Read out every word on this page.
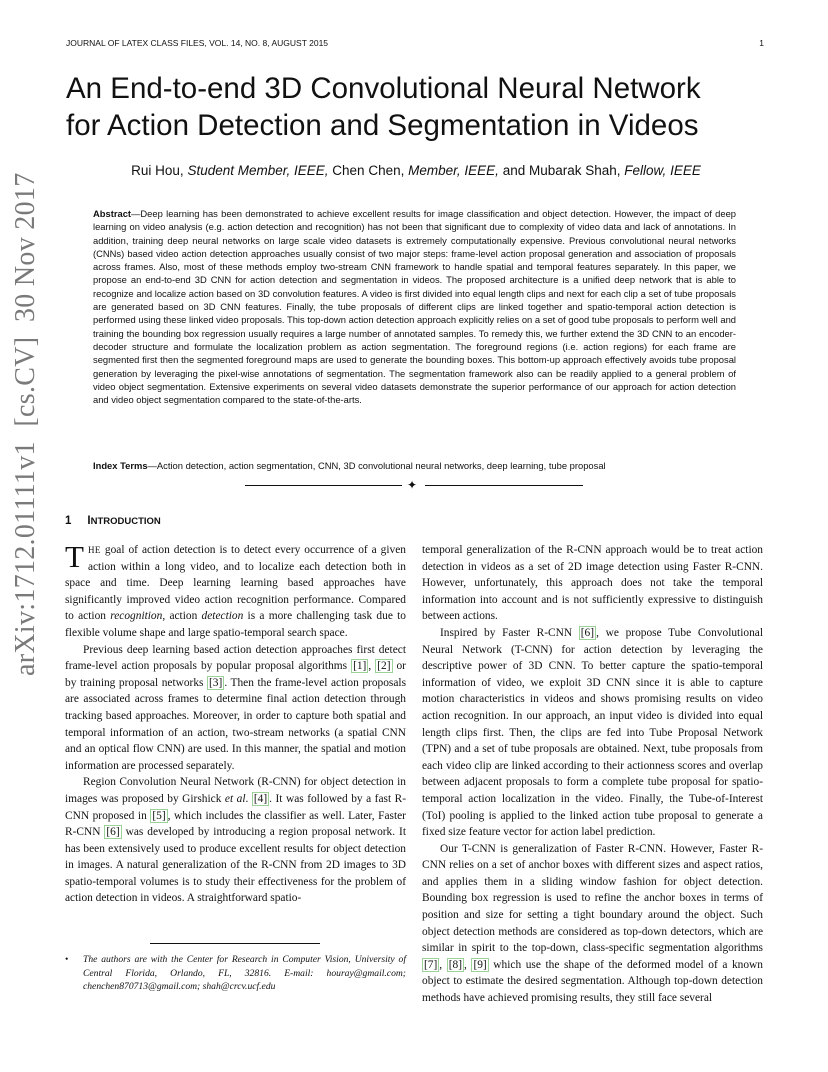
JOURNAL OF LATEX CLASS FILES, VOL. 14, NO. 8, AUGUST 2015	1
An End-to-end 3D Convolutional Neural Network
for Action Detection and Segmentation in Videos
Rui Hou, Student Member, IEEE, Chen Chen, Member, IEEE, and Mubarak Shah, Fellow, IEEE
arXiv:1712.01111v1  [cs.CV]  30 Nov 2017	Abstract—Deep learning has been demonstrated to achieve excellent results for image classification and object detection. However, the impact of deep learning on video analysis (e.g. action detection and recognition) has not been that significant due to complexity of video data and lack of annotations. In addition, training deep neural networks on large scale video datasets is extremely computationally expensive. Previous convolutional neural networks (CNNs) based video action detection approaches usually consist of two major steps: frame-level action proposal generation and association of proposals across frames. Also, most of these methods employ two-stream CNN framework to handle spatial and temporal features separately. In this paper, we propose an end-to-end 3D CNN for action detection and segmentation in videos. The proposed architecture is a unified deep network that is able to recognize and localize action based on 3D convolution features. A video is first divided into equal length clips and next for each clip a set of tube proposals are generated based on 3D CNN features. Finally, the tube proposals of different clips are linked together and spatio-temporal action detection is performed using these linked video proposals. This top-down action detection approach explicitly relies on a set of good tube proposals to perform well and training the bounding box regression usually requires a large number of annotated samples. To remedy this, we further extend the 3D CNN to an encoder-decoder structure and formulate the localization problem as action segmentation. The foreground regions (i.e. action regions) for each frame are segmented first then the segmented foreground maps are used to generate the bounding boxes. This bottom-up approach effectively avoids tube proposal generation by leveraging the pixel-wise annotations of segmentation. The segmentation framework also can be readily applied to a general problem of video object segmentation. Extensive experiments on several video datasets demonstrate the superior performance of our approach for action detection and video object segmentation compared to the state-of-the-arts.
Index Terms—Action detection, action segmentation, CNN, 3D convolutional neural networks, deep learning, tube proposal
✦
1 INTRODUCTION

THE goal of action detection is to detect every occurrence of a given action within a long video, and to localize each detection both in space and time. Deep learning learning based approaches have significantly improved video action recognition performance. Compared to action recognition, action detection is a more challenging task due to flexible volume shape and large spatio-temporal search space.

Previous deep learning based action detection approaches first detect frame-level action proposals by popular proposal algorithms [1] , [2] or by training proposal networks [3] . Then the frame-level action proposals are associated across frames to determine final action detection through tracking based approaches. Moreover, in order to capture both spatial and temporal information of an action, two-stream networks (a spatial CNN and an optical flow CNN) are used. In this manner, the spatial and motion information are processed separately.

Region Convolution Neural Network (R-CNN) for object detection in images was proposed by Girshick et al. [4] . It was followed by a fast R-CNN proposed in [5] , which includes the classifier as well. Later, Faster R-CNN [6] was developed by introducing a region proposal network. It has been extensively used to produce excellent results for object detection in images. A natural generalization of the R-CNN from 2D images to 3D spatio-temporal volumes is to study their effectiveness for the problem of action detection in videos. A straightforward spatio-

• The authors are with the Center for Research in Computer Vision, University of Central Florida, Orlando, FL, 32816. E-mail: houray@gmail.com; chenchen870713@gmail.com; shah@crcv.ucf.edu

temporal generalization of the R-CNN approach would be to treat action detection in videos as a set of 2D image detection using Faster R-CNN. However, unfortunately, this approach does not take the temporal information into account and is not sufficiently expressive to distinguish between actions.

Inspired by Faster R-CNN [6] , we propose Tube Convolutional Neural Network (T-CNN) for action detection by leveraging the descriptive power of 3D CNN. To better capture the spatio-temporal information of video, we exploit 3D CNN since it is able to capture motion characteristics in videos and shows promising results on video action recognition. In our approach, an input video is divided into equal length clips first. Then, the clips are fed into Tube Proposal Network (TPN) and a set of tube proposals are obtained. Next, tube proposals from each video clip are linked according to their actionness scores and overlap between adjacent proposals to form a complete tube proposal for spatio-temporal action localization in the video. Finally, the Tube-of-Interest (ToI) pooling is applied to the linked action tube proposal to generate a fixed size feature vector for action label prediction.

Our T-CNN is generalization of Faster R-CNN. However, Faster R-CNN relies on a set of anchor boxes with different sizes and aspect ratios, and applies them in a sliding window fashion for object detection. Bounding box regression is used to refine the anchor boxes in terms of position and size for setting a tight boundary around the object. Such object detection methods are considered as top-down detectors, which are similar in spirit to the top-down, class-specific segmentation algorithms [7] , [8] , [9] which use the shape of the deformed model of a known object to estimate the desired segmentation. Although top-down detection methods have achieved promising results, they still face several
